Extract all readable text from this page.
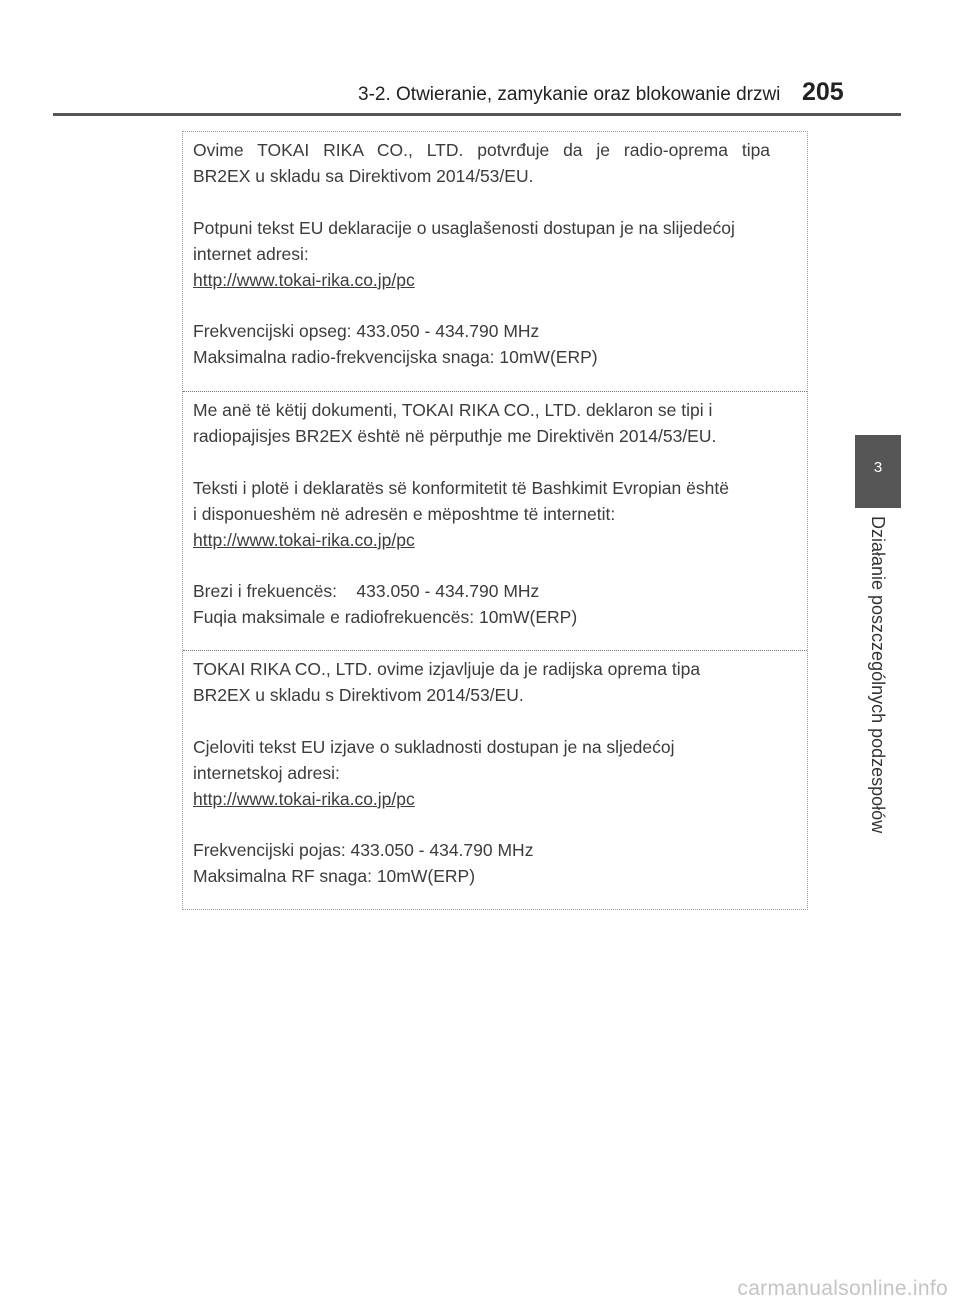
3-2. Otwieranie, zamykanie oraz blokowanie drzwi 205
3
Działanie poszczególnych podzespołów
Ovime TOKAI RIKA CO., LTD. potvrđuje da je radio-oprema tipa
BR2EX u skladu sa Direktivom 2014/53/EU.
Potpuni tekst EU deklaracije o usaglašenosti dostupan je na slijedećoj
internet adresi:
http://www.tokai-rika.co.jp/pc
Frekvencijski opseg: 433.050 - 434.790 MHz
Maksimalna radio-frekvencijska snaga: 10mW(ERP)
Me anë të këtij dokumenti, TOKAI RIKA CO., LTD. deklaron se tipi i
radiopajisjes BR2EX është në përputhje me Direktivën 2014/53/EU.
Teksti i plotë i deklaratës së konformitetit të Bashkimit Evropian është
i disponueshëm në adresën e mëposhtme të internetit:
http://www.tokai-rika.co.jp/pc
Brezi i frekuencës:    433.050 - 434.790 MHz
Fuqia maksimale e radiofrekuencës: 10mW(ERP)
TOKAI RIKA CO., LTD. ovime izjavljuje da je radijska oprema tipa
BR2EX u skladu s Direktivom 2014/53/EU.
Cjeloviti tekst EU izjave o sukladnosti dostupan je na sljedećoj
internetskoj adresi:
http://www.tokai-rika.co.jp/pc
Frekvencijski pojas: 433.050 - 434.790 MHz
Maksimalna RF snaga: 10mW(ERP)
carmanualsonline.info
